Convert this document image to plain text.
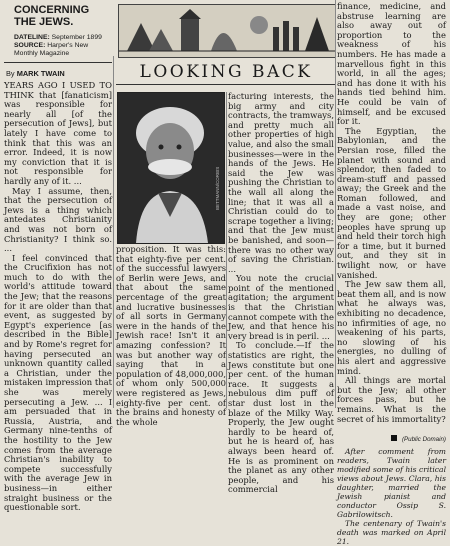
CONCERNING THE JEWS.
DATELINE: September 1899
SOURCE: Harper's New Monthly Magazine
By MARK TWAIN

YEARS AGO I USED TO THINK that [fanaticism] was responsible for nearly all [of the persecution of Jews], but lately I have come to think that this was an error. Indeed, it is now my conviction that it is not responsible for hardly any of it. ...

May I assume, then, that the persecution of Jews is a thing which antedates Christianity and was not born of Christianity? I think so. ...

I feel convinced that the Crucifixion has not much to do with the world's attitude toward the Jew; that the reasons for it are older than that event, as suggested by Egypt's experience [as described in the Bible] and by Rome's regret for having persecuted an unknown quantity called a Christian, under the mistaken impression that she was merely persecuting a Jew. ... I am persuaded that in Russia, Austria, and Germany nine-tenths of the hostility to the Jew comes from the average Christian's inability to compete successfully with the average Jew in business—in either straight business or the questionable sort.

LOOKING BACK
BETTMANN/CORBIS

proposition. It was this: that eighty-five per cent. of the successful lawyers of Berlin were Jews, and that about the same percentage of the great and lucrative businesses of all sorts in Germany were in the hands of the Jewish race! Isn't it an amazing confession? It was but another way of saying that in a population of 48,000,000, of whom only 500,000 were registered as Jews, eighty-five per cent. of the brains and honesty of the whole

facturing interests, the big army and city contracts, the tramways, and pretty much all other properties of high value, and also the small businesses—were in the hands of the Jews. He said the Jew was pushing the Christian to the wall all along the line; that it was all a Christian could do to scrape together a living; and that the Jew must be banished, and soon—there was no other way of saving the Christian. ...

You note the crucial point of the mentioned agitation; the argument is that the Christian cannot compete with the Jew, and that hence his very bread is in peril. ...

To conclude.—If the statistics are right, the Jews constitute but one per cent. of the human race. It suggests a nebulous dim puff of star dust lost in the blaze of the Milky Way. Properly, the Jew ought hardly to be heard of, but he is heard of, has always been heard of. He is as prominent on the planet as any other people, and his commercial

finance, medicine, and abstruse learning are also away out of proportion to the weakness of his numbers. He has made a marvellous fight in this world, in all the ages; and has done it with his hands tied behind him. He could be vain of himself, and be excused for it.

The Egyptian, the Babylonian, and the Persian rose, filled the planet with sound and splendor, then faded to dream-stuff and passed away; the Greek and the Roman followed, and made a vast noise, and they are gone; other peoples have sprung up and held their torch high for a time, but it burned out, and they sit in twilight now, or have vanished.

The Jew saw them all, beat them all, and is now what he always was, exhibiting no decadence, no infirmities of age, no weakening of his parts, no slowing of his energies, no dulling of his alert and aggressive mind.

All things are mortal but the Jew; all other forces pass, but he remains. What is the secret of his immortality?

(Public Domain)

After comment from readers, Twain later modified some of his critical views about Jews. Clara, his daughter, married the Jewish pianist and conductor Ossip S. Gabrilowitsch.

The centenary of Twain's death was marked on April 21.
